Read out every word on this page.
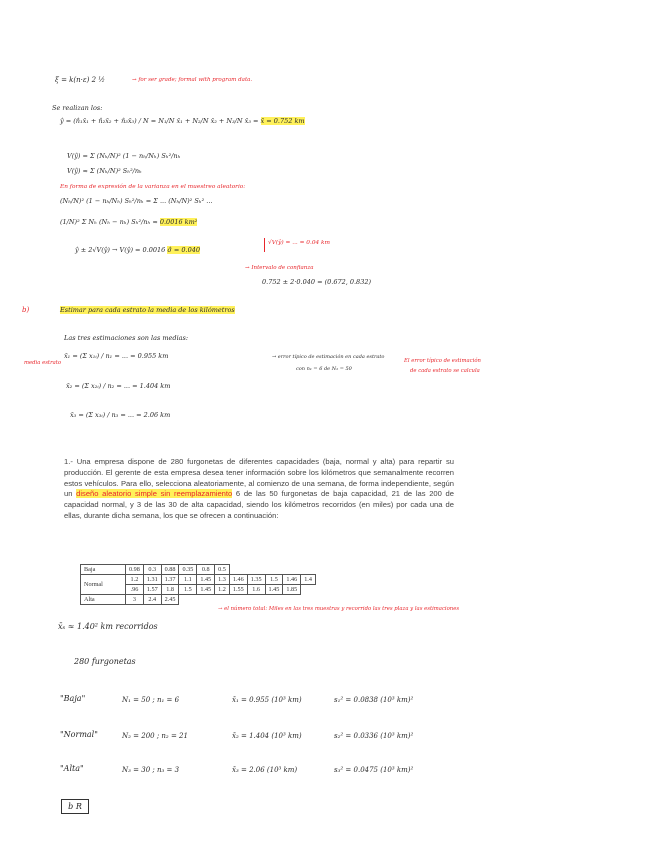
ξ = k(n·ε) 2 ½	→ for ser grade; formal with program data.
Se realizan los:
ŷ = (n̂₁x̄₁ + n̂₂x̄₂ + n̂₃x̄₃) / N = N₁/N x̄₁ + N₂/N x̄₂ + N₃/N x̄₃ = x̄ = 0.752 km
V(ŷ) = Σ (Nₕ/N)² (1 − nₕ/Nₕ) Sₕ²/nₕ
V(ŷ) ≈ Σ (Nₕ/N)² Sₕ²/nₕ
En forma de expresión de la varianza en el muestreo aleatorio:
(Nₕ/N)² (1 − nₕ/Nₕ) Sₕ²/nₕ = Σ ... (Nₕ/N)² Sₕ² ...
(1/N)² Σ Nₕ (Nₕ − nₕ) Sₕ²/nₕ ≈ 0.0016 km²
ŷ ± 2√V(ŷ) → V(ŷ) = 0.0016 σ̂ = 0.040
√V(ŷ) = ... = 0.04 km
→ Intervalo de confianza
0.752 ± 2·0.040 = (0.672, 0.832)
b)	Estimar para cada estrato la media de los kilómetros
Las tres estimaciones son las medias:
media estrato
x̄₁ = (Σ x₁ᵢ) / n₁ = ... = 0.955 km	→ error típico de estimación en cada estrato
con n₁ = 6 de N₁ = 50
El error típico de estimación
de cada estrato se calcula
x̄₂ = (Σ x₂ᵢ) / n₂ = ... = 1.404 km
x̄₃ = (Σ x₃ᵢ) / n₃ = ... = 2.06 km
1.- Una empresa dispone de 280 furgonetas de diferentes capacidades (baja, normal y alta) para repartir su producción. El gerente de esta empresa desea tener información sobre los kilómetros que semanalmente recorren estos vehículos. Para ello, selecciona aleatoriamente, al comienzo de una semana, de forma independiente, según un diseño aleatorio simple sin reemplazamiento 6 de las 50 furgonetas de baja capacidad, 21 de las 200 de capacidad normal, y 3 de las 30 de alta capacidad, siendo los kilómetros recorridos (en miles) por cada una de ellas, durante dicha semana, los que se ofrecen a continuación:
Baja	0.98	0.3	0.88	0.35	0.8	0.5					
Normal	1.2	1.31	1.37	1.1	1.45	1.3	1.46	1.35	1.5	1.46	1.4
	.96	1.57	1.8	1.5	1.45	1.2	1.55	1.6	1.45	1.85	
Alta	3	2.4	2.45								
→ el número total: Miles en las tres muestras y recorrido las tres plaza y las estimaciones
x̄ₛ ≈ 1.40² km recorridos
280 furgonetas
"Baja"	N₁ = 50 ; n₁ = 6	x̄₁ = 0.955 (10³ km)	s₁² = 0.0838 (10³ km)²
"Normal"	N₂ = 200 ; n₂ = 21	x̄₂ = 1.404 (10³ km)	s₂² = 0.0336 (10³ km)²
"Alta"	N₃ = 30 ; n₃ = 3	x̄₃ = 2.06 (10³ km)	s₃² = 0.0475 (10³ km)²
b R
